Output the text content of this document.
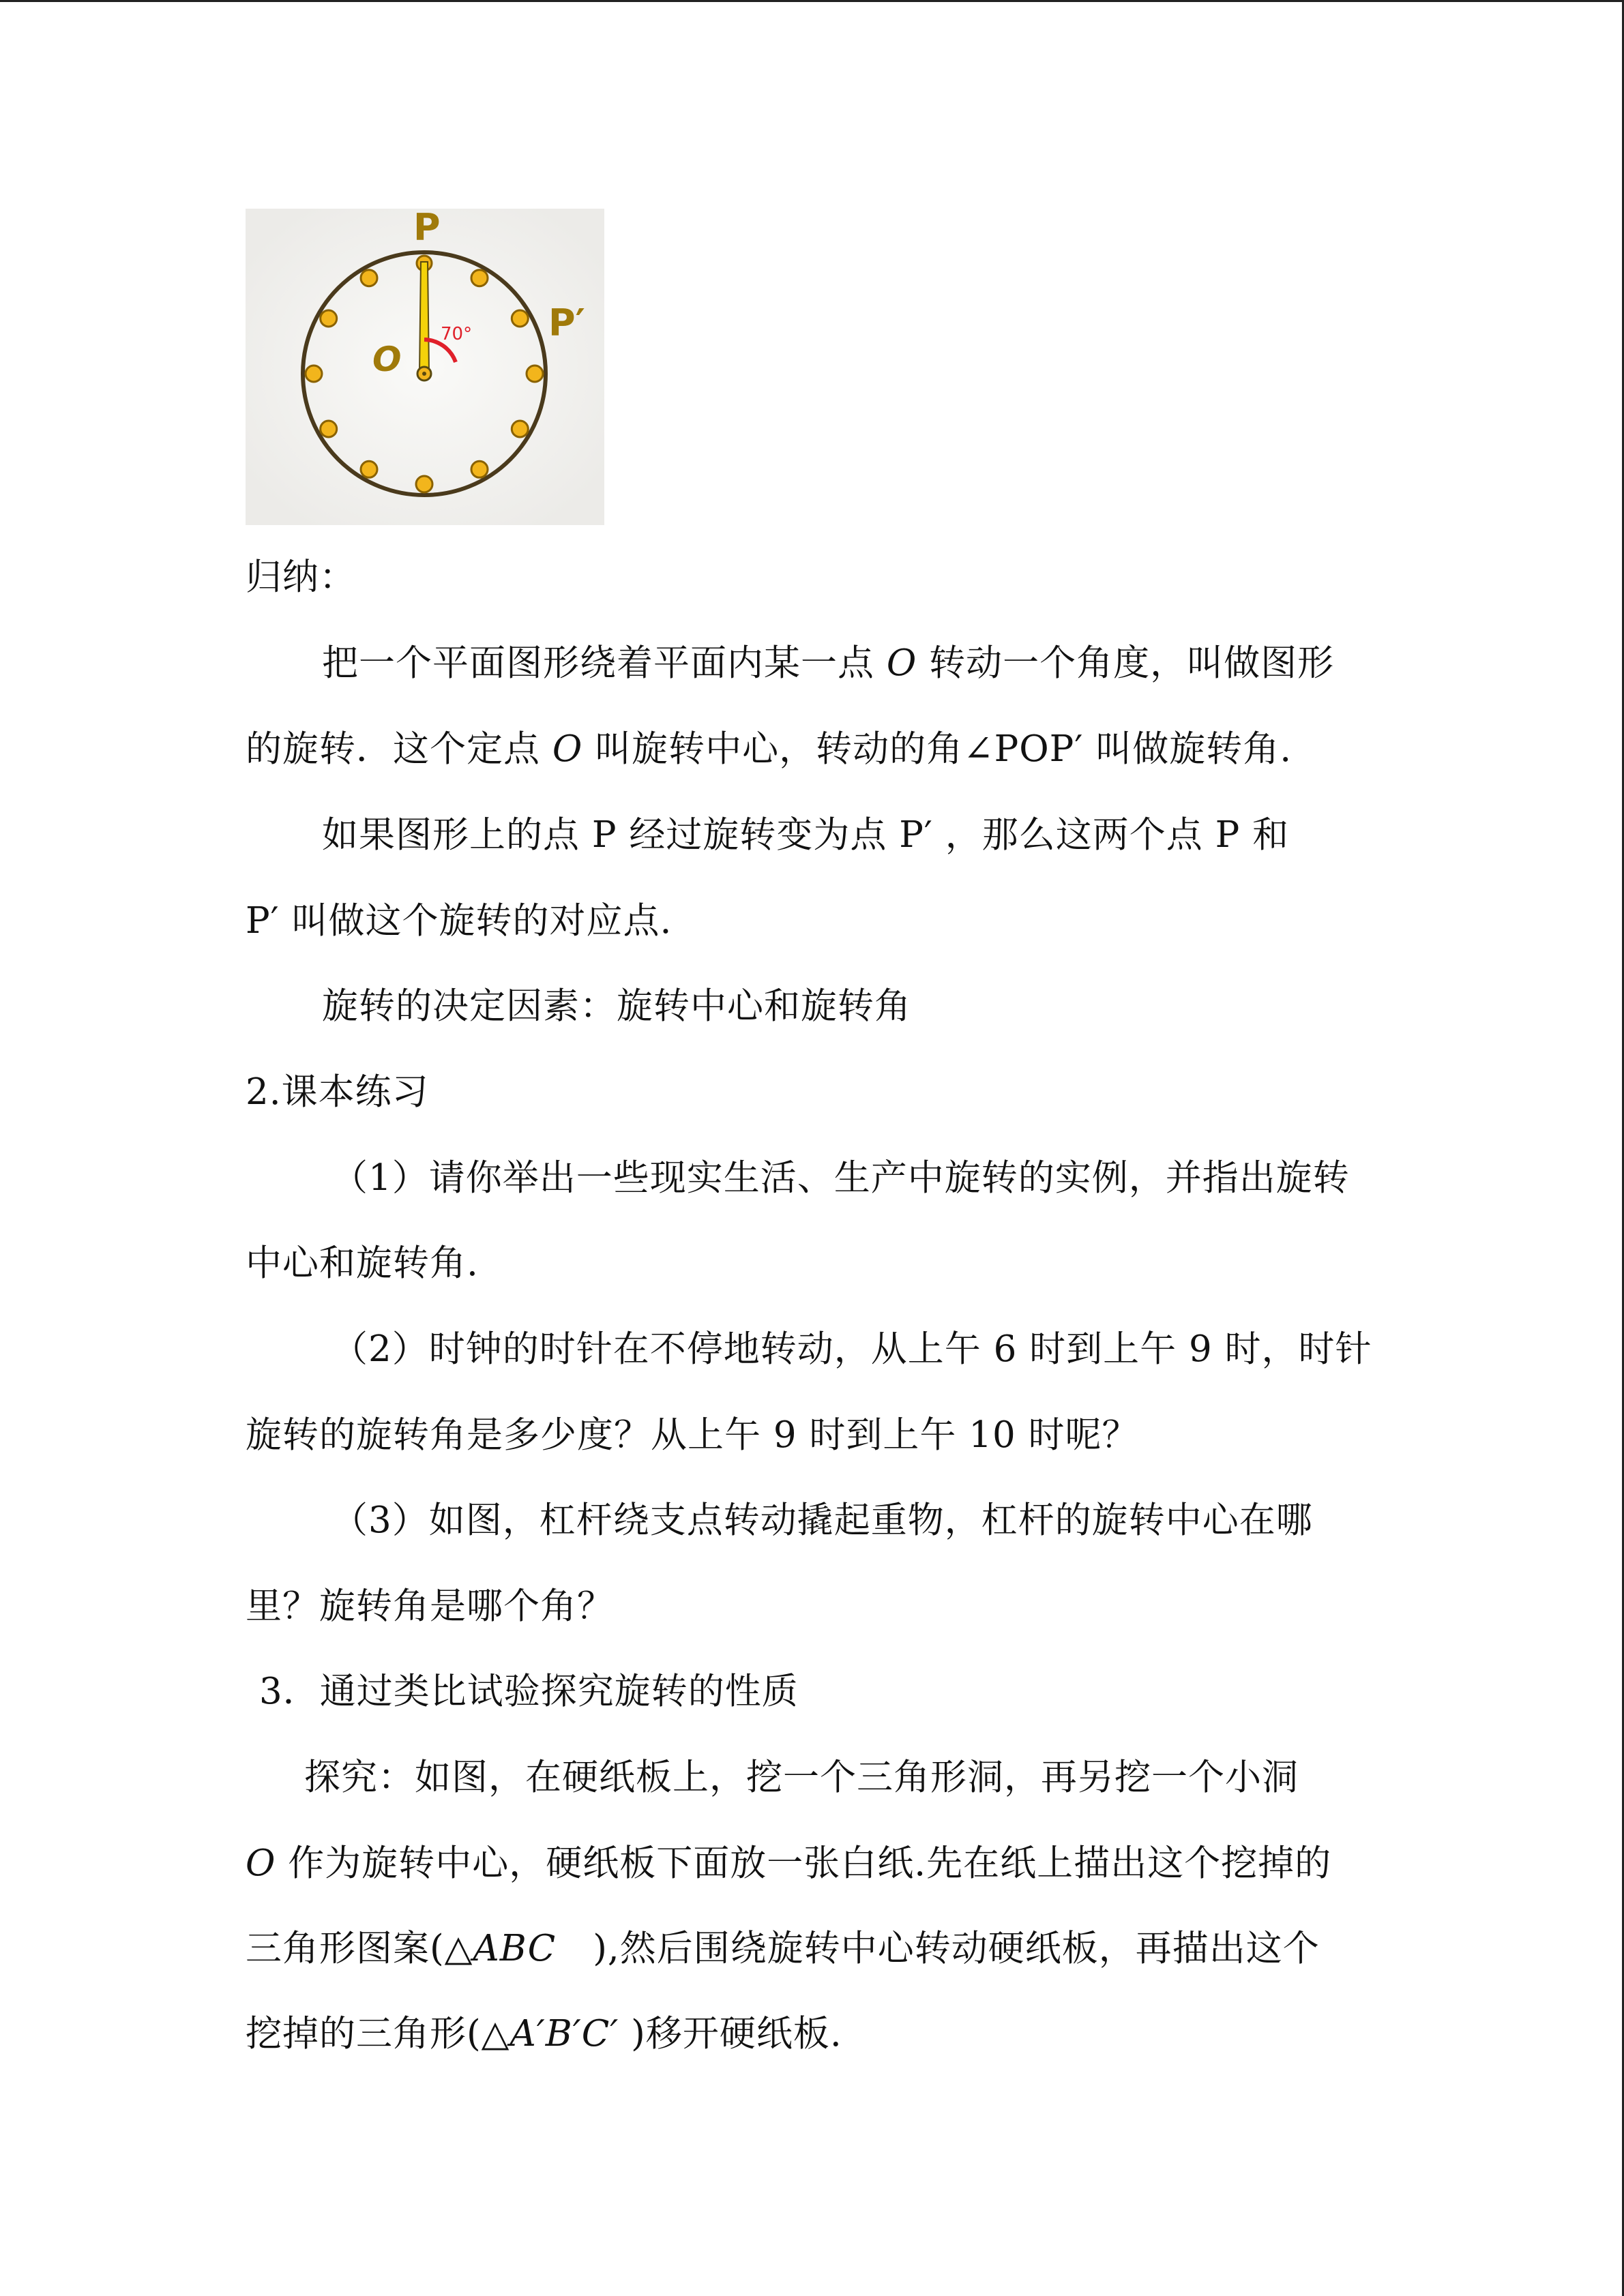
P
P′
O
70°
归纳：
把一个平面图形绕着平面内某一点 O 转动一个角度，叫做图形
的旋转．这个定点 O 叫旋转中心，转动的角∠POP′ 叫做旋转角.
如果图形上的点 P 经过旋转变为点 P′ ，那么这两个点 P 和
P′ 叫做这个旋转的对应点.
旋转的决定因素：旋转中心和旋转角
2.课本练习
（1）请你举出一些现实生活、生产中旋转的实例，并指出旋转
中心和旋转角.
（2）时钟的时针在不停地转动，从上午 6 时到上午 9 时，时针
旋转的旋转角是多少度？从上午 9 时到上午 10 时呢？
（3）如图，杠杆绕支点转动撬起重物，杠杆的旋转中心在哪
里？旋转角是哪个角？
3．通过类比试验探究旋转的性质
探究：如图，在硬纸板上，挖一个三角形洞，再另挖一个小洞
O 作为旋转中心，硬纸板下面放一张白纸.先在纸上描出这个挖掉的
三角形图案(△ABC　),然后围绕旋转中心转动硬纸板，再描出这个
挖掉的三角形(△A′B′C′ )移开硬纸板.
